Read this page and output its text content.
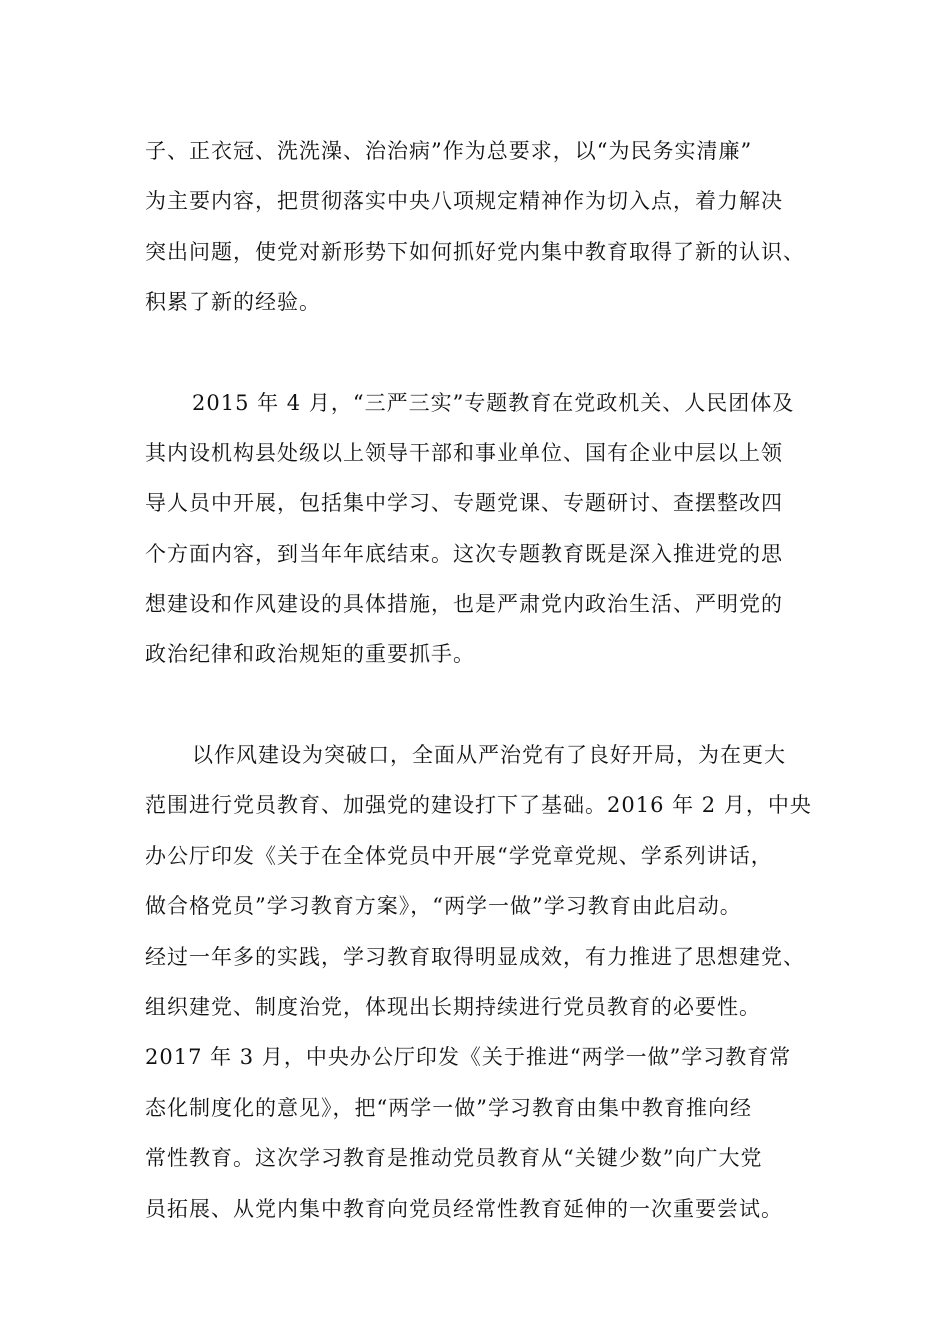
子、正衣冠、洗洗澡、治治病”作为总要求，以“为民务实清廉”
为主要内容，把贯彻落实中央八项规定精神作为切入点，着力解决
突出问题，使党对新形势下如何抓好党内集中教育取得了新的认识、
积累了新的经验。
2015 年 4 月，“三严三实”专题教育在党政机关、人民团体及
其内设机构县处级以上领导干部和事业单位、国有企业中层以上领
导人员中开展，包括集中学习、专题党课、专题研讨、查摆整改四
个方面内容，到当年年底结束。这次专题教育既是深入推进党的思
想建设和作风建设的具体措施，也是严肃党内政治生活、严明党的
政治纪律和政治规矩的重要抓手。
以作风建设为突破口，全面从严治党有了良好开局，为在更大
范围进行党员教育、加强党的建设打下了基础。2016 年 2 月，中央
办公厅印发《关于在全体党员中开展“学党章党规、学系列讲话，
做合格党员”学习教育方案》，“两学一做”学习教育由此启动。
经过一年多的实践，学习教育取得明显成效，有力推进了思想建党、
组织建党、制度治党，体现出长期持续进行党员教育的必要性。
2017 年 3 月，中央办公厅印发《关于推进“两学一做”学习教育常
态化制度化的意见》，把“两学一做”学习教育由集中教育推向经
常性教育。这次学习教育是推动党员教育从“关键少数”向广大党
员拓展、从党内集中教育向党员经常性教育延伸的一次重要尝试。
